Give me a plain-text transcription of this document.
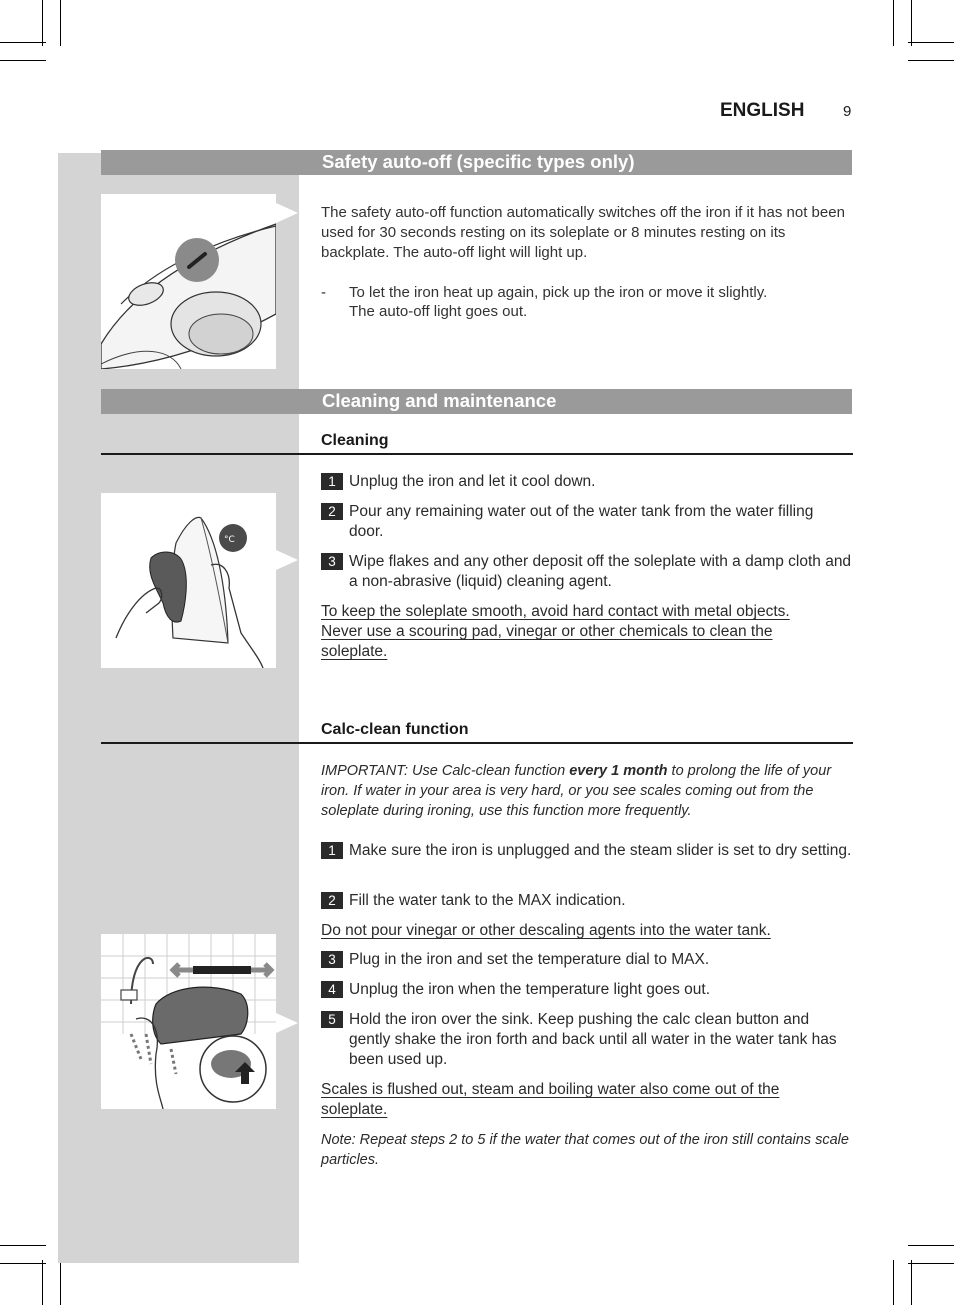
ENGLISH	9
Safety auto-off (specific types only)
The safety auto-off function automatically switches off the iron if it has not been used for 30 seconds resting on its soleplate or 8 minutes resting on its backplate. The auto-off light will light up.
-	To let the iron heat up again, pick up the iron or move it slightly.
The auto-off light goes out.
Cleaning and maintenance
Cleaning
°C
1 Unplug the iron and let it cool down.
2 Pour any remaining water out of the water tank from the water filling door.
3 Wipe flakes and any other deposit off the soleplate with a damp cloth and a non-abrasive (liquid) cleaning agent.
To keep the soleplate smooth, avoid hard contact with metal objects.
Never use a scouring pad, vinegar or other chemicals to clean the
soleplate.
Calc-clean function
IMPORTANT: Use Calc-clean function every 1 month to prolong the life of your iron. If water in your area is very hard, or you see scales coming out from the soleplate during ironing, use this function more frequently.
1 Make sure the iron is unplugged and the steam slider is set to dry setting.
2 Fill the water tank to the MAX indication.
Do not pour vinegar or other descaling agents into the water tank.
3 Plug in the iron and set the temperature dial to MAX.
4 Unplug the iron when the temperature light goes out.
5 Hold the iron over the sink. Keep pushing the calc clean button and gently shake the iron forth and back until all water in the water tank has been used up.
Scales is flushed out, steam and boiling water also come out of the
soleplate.
Note: Repeat steps 2 to 5 if the water that comes out of the iron still contains scale particles.
